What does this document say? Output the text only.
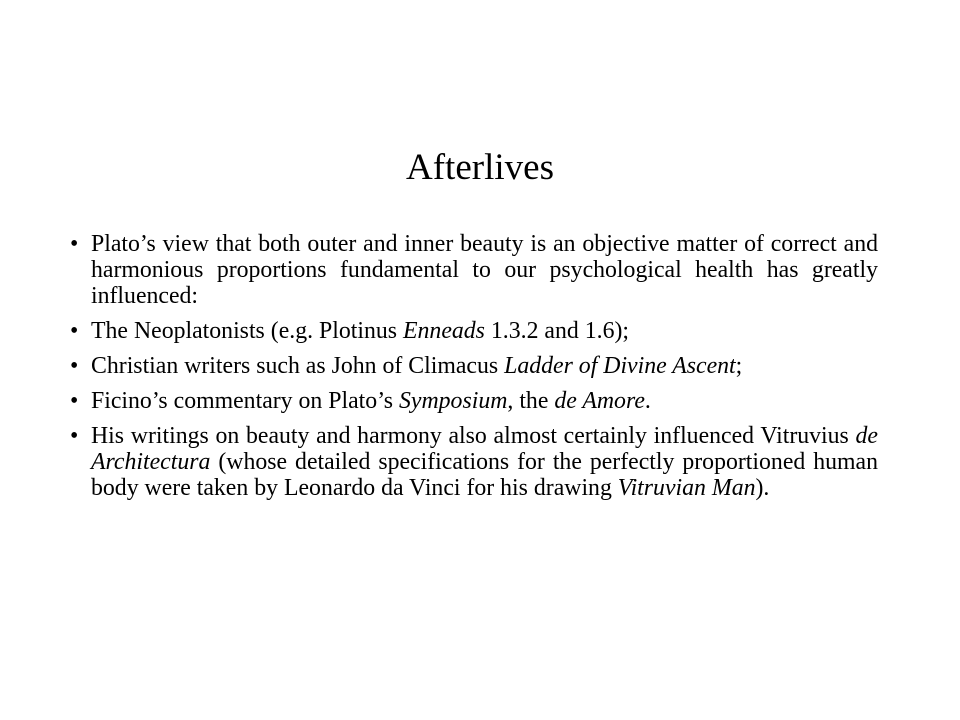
Afterlives
• Plato’s view that both outer and inner beauty is an objective matter of correct and harmonious proportions fundamental to our psychological health has greatly influenced:
• The Neoplatonists (e.g. Plotinus Enneads 1.3.2 and 1.6);
• Christian writers such as John of Climacus Ladder of Divine Ascent;
• Ficino’s commentary on Plato’s Symposium, the de Amore.
• His writings on beauty and harmony also almost certainly influenced Vitruvius de Architectura (whose detailed specifications for the perfectly proportioned human body were taken by Leonardo da Vinci for his drawing Vitruvian Man).
